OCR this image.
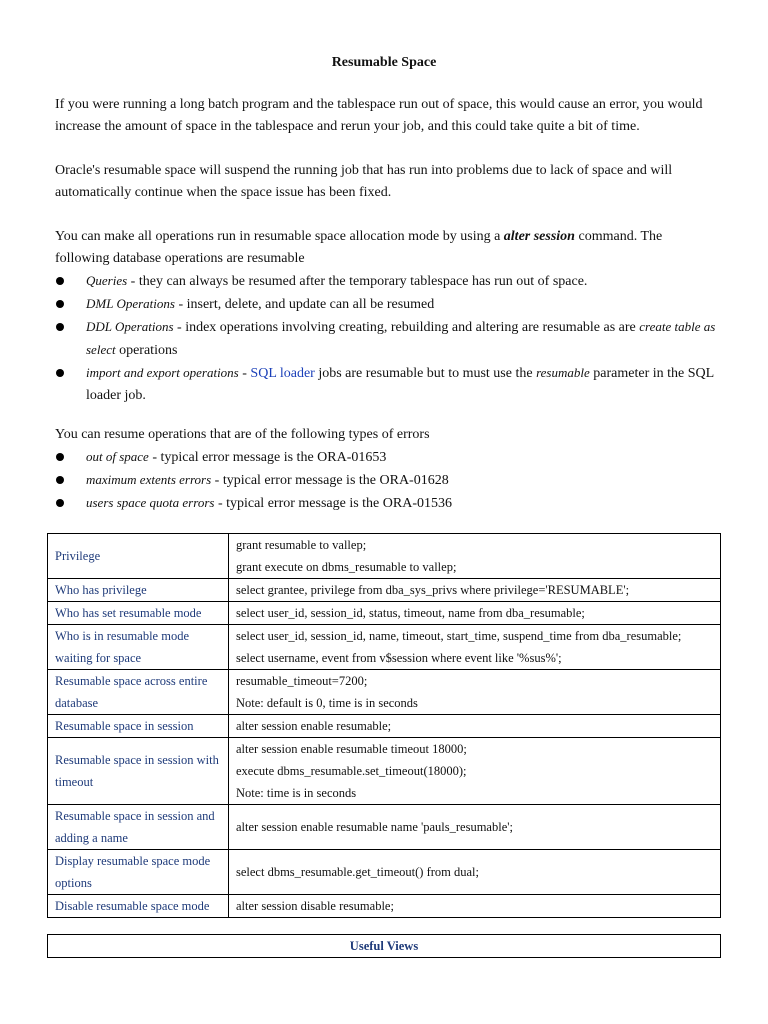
Resumable Space
If you were running a long batch program and the tablespace run out of space, this would cause an error, you would increase the amount of space in the tablespace and rerun your job, and this could take quite a bit of time.
Oracle's resumable space will suspend the running job that has run into problems due to lack of space and will automatically continue when the space issue has been fixed.
You can make all operations run in resumable space allocation mode by using a alter session command. The following database operations are resumable
Queries - they can always be resumed after the temporary tablespace has run out of space.
DML Operations - insert, delete, and update can all be resumed
DDL Operations - index operations involving creating, rebuilding and altering are resumable as are create table as select operations
import and export operations - SQL loader jobs are resumable but to must use the resumable parameter in the SQL loader job.
You can resume operations that are of the following types of errors
out of space - typical error message is the ORA-01653
maximum extents errors - typical error message is the ORA-01628
users space quota errors - typical error message is the ORA-01536
Privilege	grant resumable to vallep;
grant execute on dbms_resumable to vallep;

Who has privilege	select grantee, privilege from dba_sys_privs where privilege='RESUMABLE';

Who has set resumable mode	select user_id, session_id, status, timeout, name from dba_resumable;

Who is in resumable mode waiting for space	select user_id, session_id, name, timeout, start_time, suspend_time from dba_resumable;
select username, event from v$session where event like '%sus%';

Resumable space across entire database	resumable_timeout=7200;
Note: default is 0, time is in seconds

Resumable space in session	alter session enable resumable;

Resumable space in session with timeout	alter session enable resumable timeout 18000;
execute dbms_resumable.set_timeout(18000);
Note: time is in seconds

Resumable space in session and adding a name	alter session enable resumable name 'pauls_resumable';

Display resumable space mode options	select dbms_resumable.get_timeout() from dual;

Disable resumable space mode	alter session disable resumable;
Useful Views
